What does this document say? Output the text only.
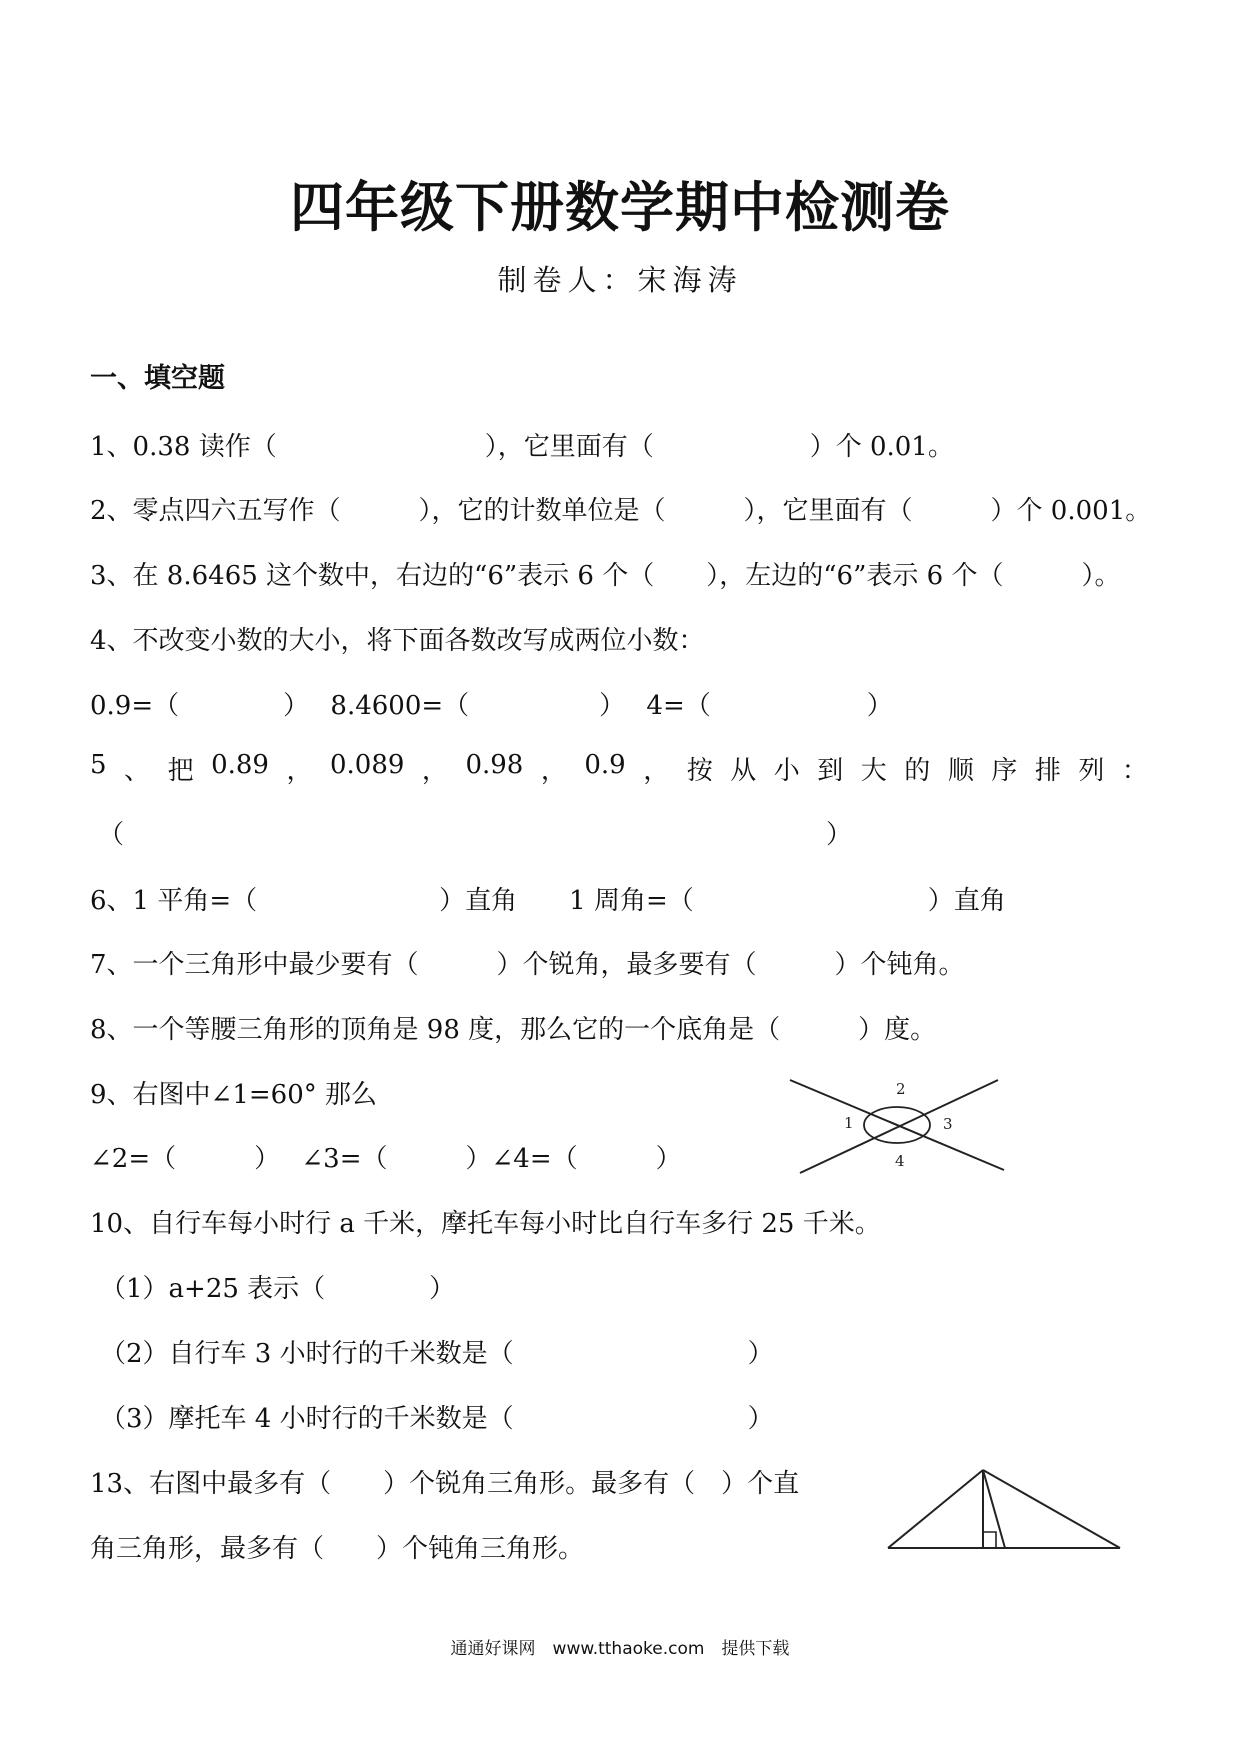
四年级下册数学期中检测卷
制卷人：宋海涛
一、填空题
1、0.38 读作（　　　　　　　　），它里面有（　　　　　　）个 0.01。
2、零点四六五写作（　　　），它的计数单位是（　　　），它里面有（　　　）个 0.001。
3、在 8.6465 这个数中，右边的“6”表示 6 个（　　），左边的“6”表示 6 个（　　　）。
4、不改变小数的大小，将下面各数改写成两位小数：
0.9=（　　　　）　 8.4600=（　　　　　）　 4=（　　　　　　）
5 、 把 0.89 ， 0.089 ， 0.98 ， 0.9 ， 按 从 小 到 大 的 顺 序 排 列 ：
（　　　　　　　　　　　　　　　　　　　　　　　　　　　）
6、1 平角=（　　　　　　　）直角　　1 周角=（　　　　　　　　　）直角
7、一个三角形中最少要有（　　　）个锐角，最多要有（　　　）个钝角。
8、一个等腰三角形的顶角是 98 度，那么它的一个底角是（　　　）度。
9、右图中∠1=60° 那么
∠2=（　　　）　 ∠3=（　　　）∠4=（　　　）
1
2
3
4
10、自行车每小时行 a 千米，摩托车每小时比自行车多行 25 千米。
（1）a+25 表示（　　　　）
（2）自行车 3 小时行的千米数是（　　　　　　　　　）
（3）摩托车 4 小时行的千米数是（　　　　　　　　　）
13、右图中最多有（　　）个锐角三角形。最多有（　）个直
角三角形，最多有（　　）个钝角三角形。
通通好课网　www.tthaoke.com　提供下载
